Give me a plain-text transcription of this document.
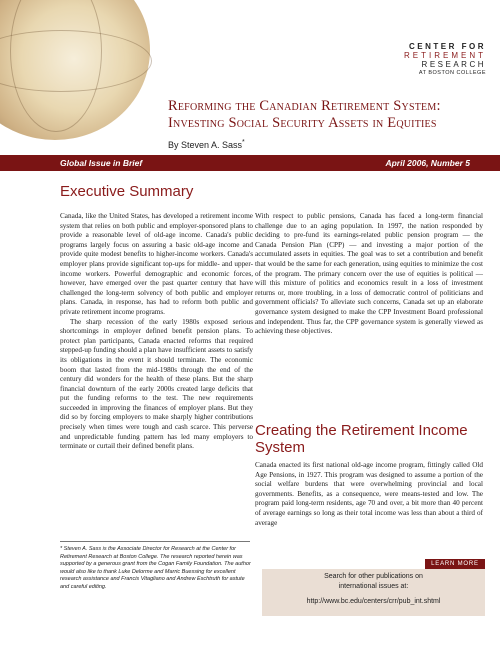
CENTER FOR
RETIREMENT
RESEARCH
AT BOSTON COLLEGE
Reforming the Canadian Retirement System:
Investing Social Security Assets in Equities
By Steven A. Sass*
Global Issue in Brief	April 2006, Number 5
Executive Summary

Canada, like the United States, has developed a retirement income system that relies on both public and employer-sponsored plans to provide a reasonable level of old-age income. Canada's public programs largely focus on assuring a basic old-age income and provide quite modest benefits to higher-income workers. Canada's employer plans provide significant top-ups for middle- and upper-income workers. Powerful demographic and economic forces, however, have emerged over the past quarter century that have challenged the long-term solvency of both public and employer plans. Canada, in response, has had to reform both public and private retirement income programs.

The sharp recession of the early 1980s exposed serious shortcomings in employer defined benefit pension plans. To protect plan participants, Canada enacted reforms that required stepped-up funding should a plan have insufficient assets to satisfy its obligations in the event it should terminate. The economic boom that lasted from the mid-1980s through the end of the century did wonders for the health of these plans. But the sharp financial downturn of the early 2000s created large deficits that put the funding reforms to the test. The new requirements succeeded in improving the finances of employer plans. But they did so by forcing employers to make sharply higher contributions precisely when times were tough and cash scarce. This perverse and unpredictable funding pattern has led many employers to terminate or curtail their defined benefit plans.

With respect to public pensions, Canada has faced a long-term financial challenge due to an aging population. In 1997, the nation responded by deciding to pre-fund its earnings-related public pension program — the Canada Pension Plan (CPP) — and investing a major portion of the accumulated assets in equities. The goal was to set a contribution and benefit that would be the same for each generation, using equities to minimize the cost of the program. The primary concern over the use of equities is political — will this mixture of politics and economics result in a loss of investment returns or, more troubling, in a loss of democratic control of politicians and government officials? To alleviate such concerns, Canada set up an elaborate governance system designed to make the CPP Investment Board professional and independent. Thus far, the CPP governance system is generally viewed as achieving these objectives.

Creating the Retirement Income System

Canada enacted its first national old-age income program, fittingly called Old Age Pensions, in 1927. This program was designed to assume a portion of the social welfare burdens that were overwhelming provincial and local governments. Benefits, as a consequence, were means-tested and low. The program paid long-term residents, age 70 and over, a bit more than 40 percent of average earnings so long as their total income was less than about a third of average

* Steven A. Sass is the Associate Director for Research at the Center for Retirement Research at Boston College. The research reported herein was supported by a generous grant from the Cogan Family Foundation. The author would also like to thank Luke Delorme and Marric Buessing for excellent research assistance and Francis Vitagliano and Andrew Eschtruth for astute and careful editing.
LEARN MORE
Search for other publications on
international issues at:
http://www.bc.edu/centers/crr/pub_int.shtml
